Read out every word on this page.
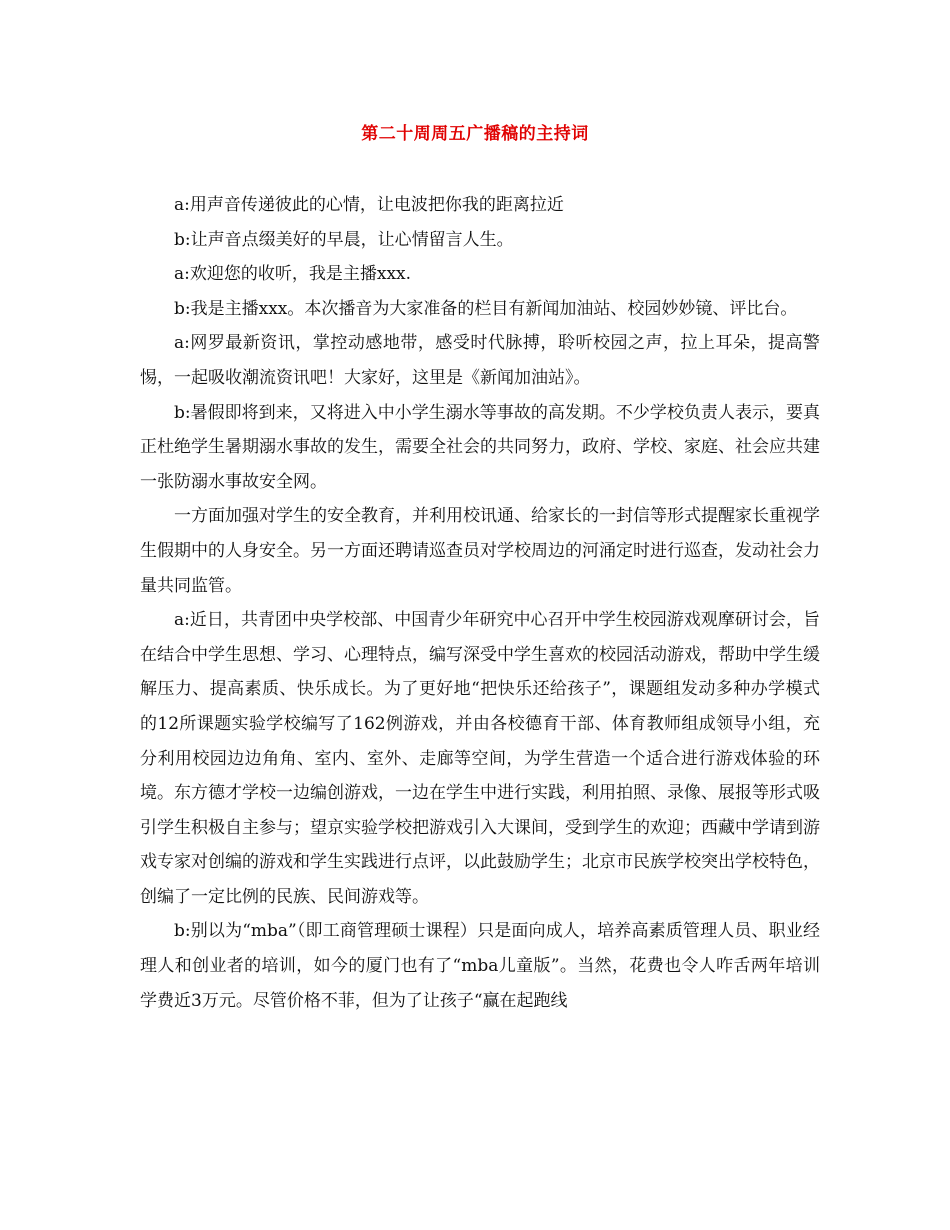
第二十周周五广播稿的主持词

a:用声音传递彼此的心情，让电波把你我的距离拉近

b:让声音点缀美好的早晨，让心情留言人生。

a:欢迎您的收听，我是主播xxx.

b:我是主播xxx。本次播音为大家准备的栏目有新闻加油站、校园妙妙镜、评比台。

a:网罗最新资讯，掌控动感地带，感受时代脉搏，聆听校园之声，拉上耳朵，提高警惕，一起吸收潮流资讯吧！大家好，这里是《新闻加油站》。

b:暑假即将到来，又将进入中小学生溺水等事故的高发期。不少学校负责人表示，要真正杜绝学生暑期溺水事故的发生，需要全社会的共同努力，政府、学校、家庭、社会应共建一张防溺水事故安全网。

一方面加强对学生的安全教育，并利用校讯通、给家长的一封信等形式提醒家长重视学生假期中的人身安全。另一方面还聘请巡查员对学校周边的河涌定时进行巡查，发动社会力量共同监管。

a:近日，共青团中央学校部、中国青少年研究中心召开中学生校园游戏观摩研讨会，旨在结合中学生思想、学习、心理特点，编写深受中学生喜欢的校园活动游戏，帮助中学生缓解压力、提高素质、快乐成长。为了更好地“把快乐还给孩子”，课题组发动多种办学模式的12所课题实验学校编写了162例游戏，并由各校德育干部、体育教师组成领导小组，充分利用校园边边角角、室内、室外、走廊等空间，为学生营造一个适合进行游戏体验的环境。东方德才学校一边编创游戏，一边在学生中进行实践，利用拍照、录像、展报等形式吸引学生积极自主参与；望京实验学校把游戏引入大课间，受到学生的欢迎；西藏中学请到游戏专家对创编的游戏和学生实践进行点评，以此鼓励学生；北京市民族学校突出学校特色，创编了一定比例的民族、民间游戏等。

b:别以为“mba”（即工商管理硕士课程）只是面向成人，培养高素质管理人员、职业经理人和创业者的培训，如今的厦门也有了“mba儿童版”。当然，花费也令人咋舌两年培训学费近3万元。尽管价格不菲，但为了让孩子“赢在起跑线
